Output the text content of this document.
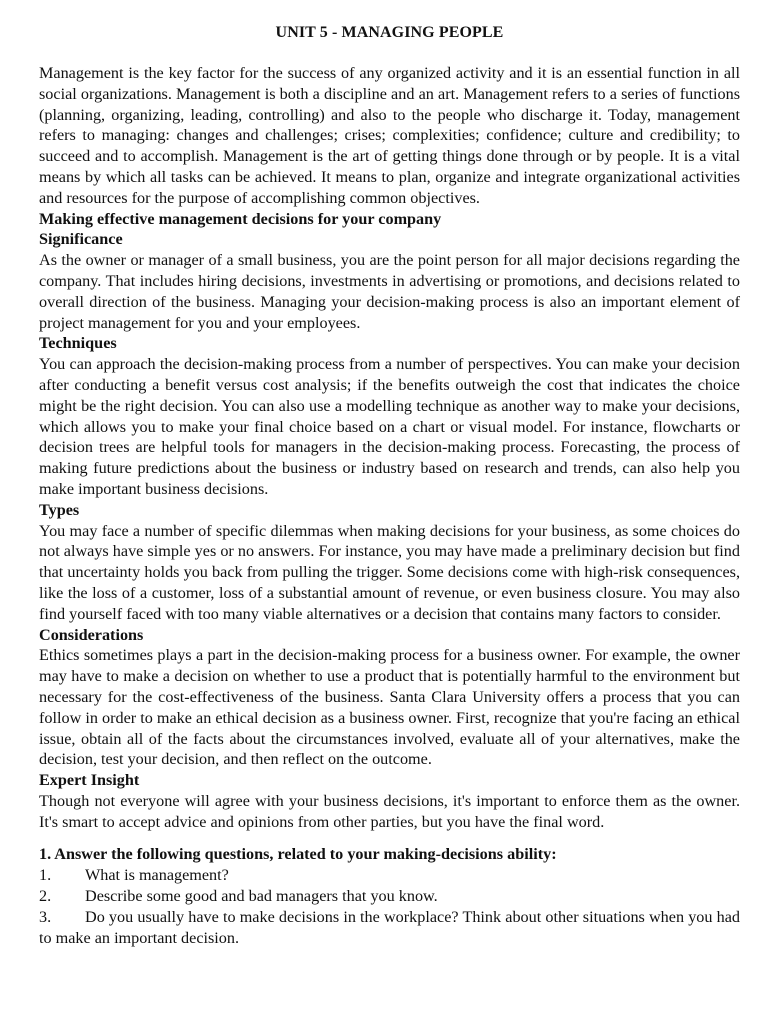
UNIT 5 - MANAGING PEOPLE

Management is the key factor for the success of any organized activity and it is an essential function in all social organizations. Management is both a discipline and an art. Management refers to a series of functions (planning, organizing, leading, controlling) and also to the people who discharge it. Today, management refers to managing: changes and challenges; crises; complexities; confidence; culture and credibility; to succeed and to accomplish. Management is the art of getting things done through or by people. It is a vital means by which all tasks can be achieved. It means to plan, organize and integrate organizational activities and resources for the purpose of accomplishing common objectives.

Making effective management decisions for your company
Significance

As the owner or manager of a small business, you are the point person for all major decisions regarding the company. That includes hiring decisions, investments in advertising or promotions, and decisions related to overall direction of the business. Managing your decision-making process is also an important element of project management for you and your employees.

Techniques

You can approach the decision-making process from a number of perspectives. You can make your decision after conducting a benefit versus cost analysis; if the benefits outweigh the cost that indicates the choice might be the right decision. You can also use a modelling technique as another way to make your decisions, which allows you to make your final choice based on a chart or visual model. For instance, flowcharts or decision trees are helpful tools for managers in the decision-making process. Forecasting, the process of making future predictions about the business or industry based on research and trends, can also help you make important business decisions.

Types

You may face a number of specific dilemmas when making decisions for your business, as some choices do not always have simple yes or no answers. For instance, you may have made a preliminary decision but find that uncertainty holds you back from pulling the trigger. Some decisions come with high-risk consequences, like the loss of a customer, loss of a substantial amount of revenue, or even business closure. You may also find yourself faced with too many viable alternatives or a decision that contains many factors to consider.

Considerations

Ethics sometimes plays a part in the decision-making process for a business owner. For example, the owner may have to make a decision on whether to use a product that is potentially harmful to the environment but necessary for the cost-effectiveness of the business. Santa Clara University offers a process that you can follow in order to make an ethical decision as a business owner. First, recognize that you're facing an ethical issue, obtain all of the facts about the circumstances involved, evaluate all of your alternatives, make the decision, test your decision, and then reflect on the outcome.

Expert Insight

Though not everyone will agree with your business decisions, it's important to enforce them as the owner. It's smart to accept advice and opinions from other parties, but you have the final word.

1. Answer the following questions, related to your making-decisions ability:
1. What is management?
2. Describe some good and bad managers that you know.
3. Do you usually have to make decisions in the workplace? Think about other situations when you had to make an important decision.
